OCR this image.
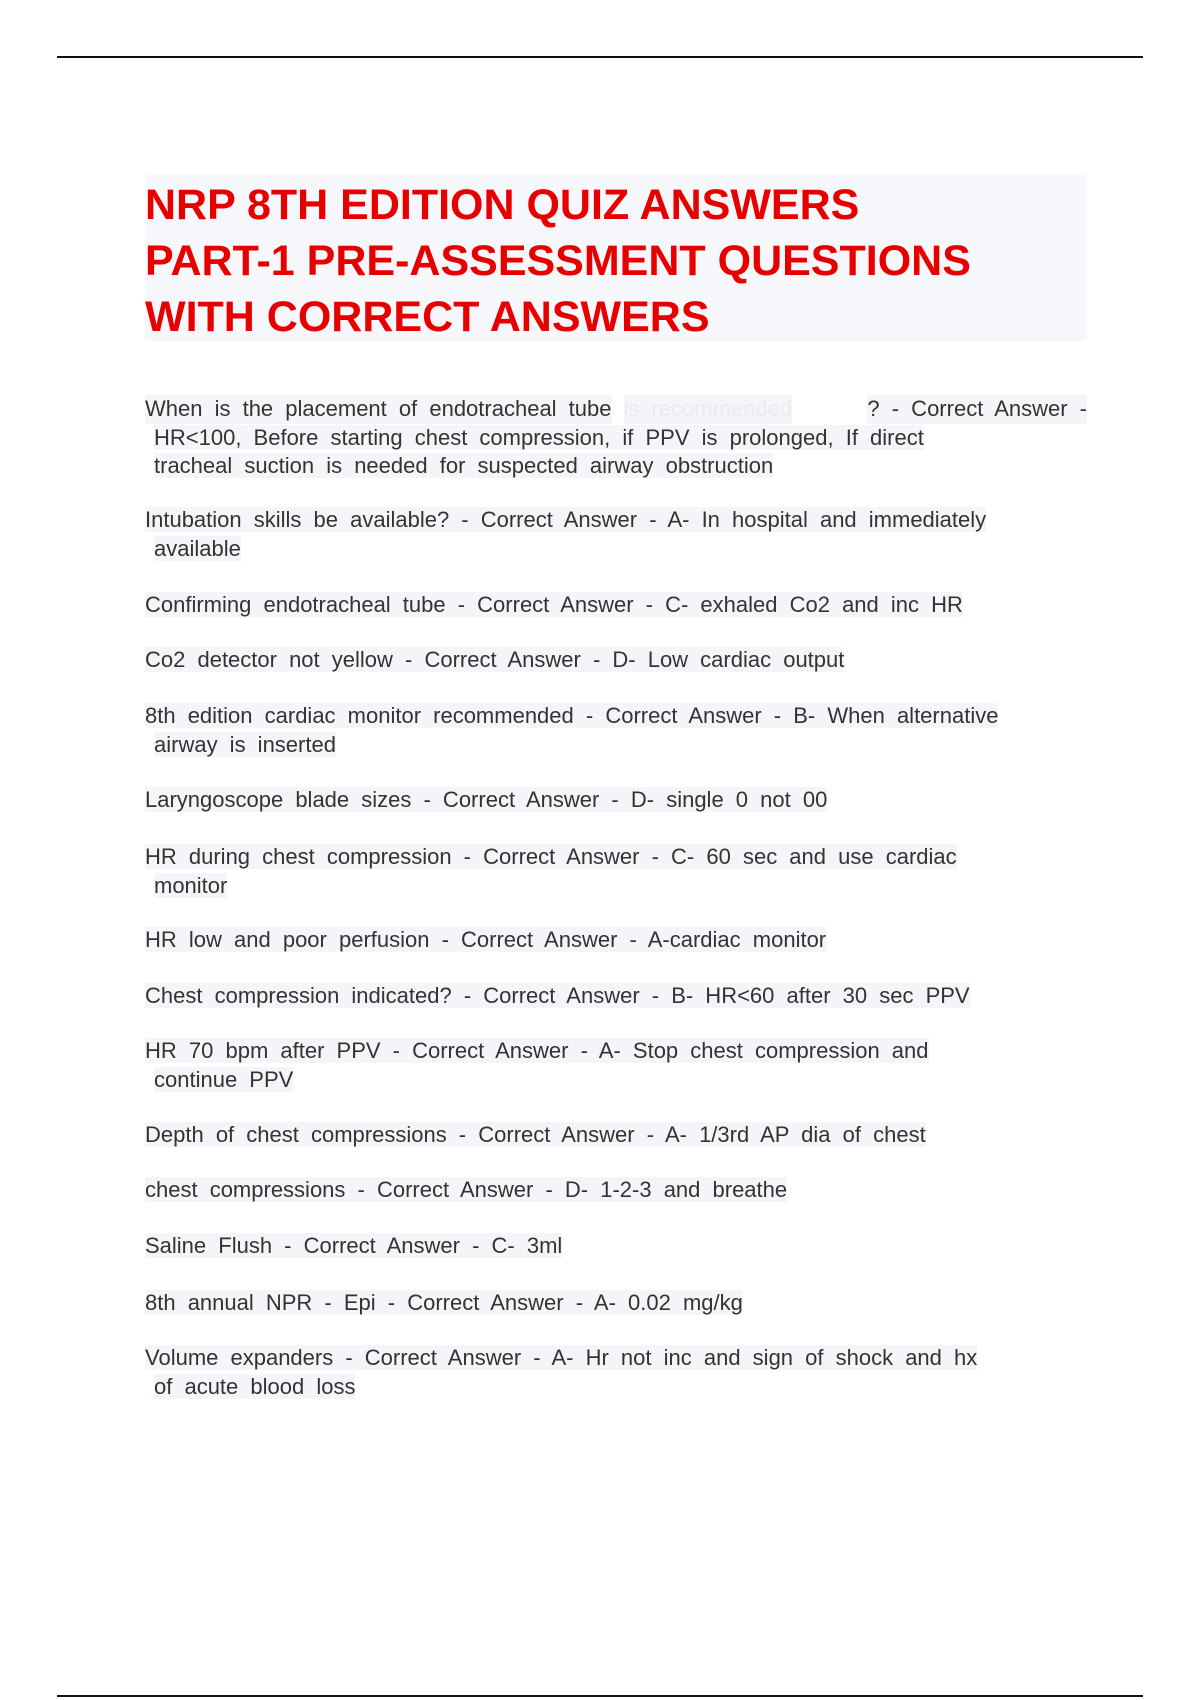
NRP 8TH EDITION QUIZ ANSWERS
PART-1 PRE-ASSESSMENT QUESTIONS
WITH CORRECT ANSWERS
When is the placement of endotracheal tube is recommended	? - Correct Answer -
HR<100, Before starting chest compression, if PPV is prolonged, If direct
tracheal suction is needed for suspected airway obstruction
Intubation skills be available? - Correct Answer - A- In hospital and immediately
available
Confirming endotracheal tube - Correct Answer - C- exhaled Co2 and inc HR
Co2 detector not yellow - Correct Answer - D- Low cardiac output
8th edition cardiac monitor recommended - Correct Answer - B- When alternative
airway is inserted
Laryngoscope blade sizes - Correct Answer - D- single 0 not 00
HR during chest compression - Correct Answer - C- 60 sec and use cardiac
monitor
HR low and poor perfusion - Correct Answer - A-cardiac monitor
Chest compression indicated? - Correct Answer - B- HR<60 after 30 sec PPV
HR 70 bpm after PPV - Correct Answer - A- Stop chest compression and
continue PPV
Depth of chest compressions - Correct Answer - A- 1/3rd AP dia of chest
chest compressions - Correct Answer - D- 1-2-3 and breathe
Saline Flush - Correct Answer - C- 3ml
8th annual NPR - Epi - Correct Answer - A- 0.02 mg/kg
Volume expanders - Correct Answer - A- Hr not inc and sign of shock and hx
of acute blood loss
